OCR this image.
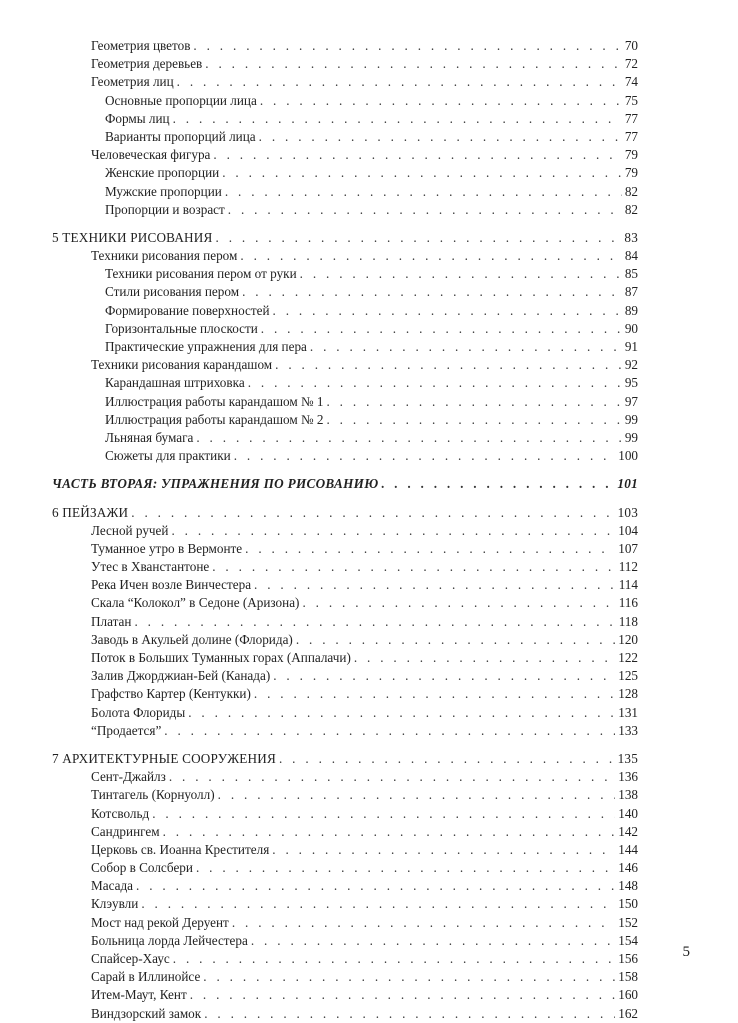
Геометрия цветов . . .	70
Геометрия деревьев . . .	72
Геометрия лиц . . .	74
Основные пропорции лица . . .	75
Формы лиц . . .	77
Варианты пропорций лица . . .	77
Человеческая фигура . . .	79
Женские пропорции . . .	79
Мужские пропорции . . .	82
Пропорции и возраст . . .	82
5 ТЕХНИКИ РИСОВАНИЯ . . .	83
Техники рисования пером . . .	84
Техники рисования пером от руки . . .	85
Стили рисования пером . . .	87
Формирование поверхностей . . .	89
Горизонтальные плоскости . . .	90
Практические упражнения для пера . . .	91
Техники рисования карандашом . . .	92
Карандашная штриховка . . .	95
Иллюстрация работы карандашом № 1 . . .	97
Иллюстрация работы карандашом № 2 . . .	99
Льняная бумага . . .	99
Сюжеты для практики . . .	100
ЧАСТЬ ВТОРАЯ: УПРАЖНЕНИЯ ПО РИСОВАНИЮ . . .	101
6 ПЕЙЗАЖИ . . .	103
Лесной ручей . . .	104
Туманное утро в Вермонте . . .	107
Утес в Хванстантоне . . .	112
Река Ичен возле Винчестера . . .	114
Скала “Колокол” в Седоне (Аризона) . . .	116
Платан . . .	118
Заводь в Акульей долине (Флорида) . . .	120
Поток в Больших Туманных горах (Аппалачи) . . .	122
Залив Джорджиан-Бей (Канада) . . .	125
Графство Картер (Кентукки) . . .	128
Болота Флориды . . .	131
“Продается” . . .	133
7 АРХИТЕКТУРНЫЕ СООРУЖЕНИЯ . . .	135
Сент-Джайлз . . .	136
Тинтагель (Корнуолл) . . .	138
Котсвольд . . .	140
Сандрингем . . .	142
Церковь св. Иоанна Крестителя . . .	144
Собор в Солсбери . . .	146
Масада . . .	148
Клэувли . . .	150
Мост над рекой Деруент . . .	152
Больница лорда Лейчестера . . .	154
Спайсер-Хаус . . .	156
Сарай в Иллинойсе . . .	158
Итем-Маут, Кент . . .	160
Виндзорский замок . . .	162
5
